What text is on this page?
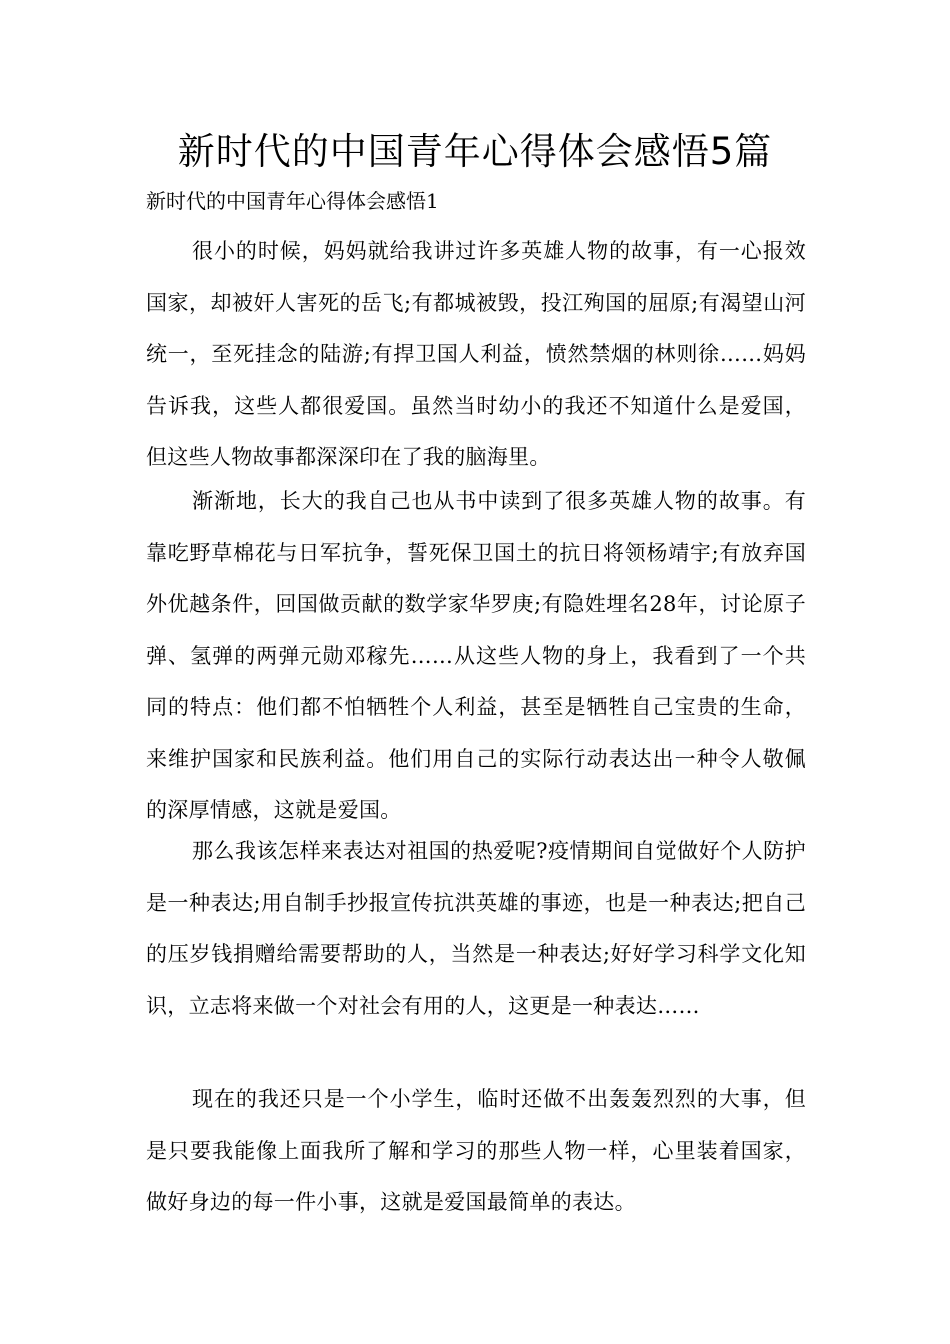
新时代的中国青年心得体会感悟5篇

新时代的中国青年心得体会感悟1

很小的时候，妈妈就给我讲过许多英雄人物的故事，有一心报效国家，却被奸人害死的岳飞;有都城被毁，投江殉国的屈原;有渴望山河统一，至死挂念的陆游;有捍卫国人利益，愤然禁烟的林则徐……妈妈告诉我，这些人都很爱国。虽然当时幼小的我还不知道什么是爱国，但这些人物故事都深深印在了我的脑海里。

渐渐地，长大的我自己也从书中读到了很多英雄人物的故事。有靠吃野草棉花与日军抗争，誓死保卫国土的抗日将领杨靖宇;有放弃国外优越条件，回国做贡献的数学家华罗庚;有隐姓埋名28年，讨论原子弹、氢弹的两弹元勋邓稼先……从这些人物的身上，我看到了一个共同的特点：他们都不怕牺牲个人利益，甚至是牺牲自己宝贵的生命，来维护国家和民族利益。他们用自己的实际行动表达出一种令人敬佩的深厚情感，这就是爱国。

那么我该怎样来表达对祖国的热爱呢?疫情期间自觉做好个人防护是一种表达;用自制手抄报宣传抗洪英雄的事迹，也是一种表达;把自己的压岁钱捐赠给需要帮助的人，当然是一种表达;好好学习科学文化知识，立志将来做一个对社会有用的人，这更是一种表达……

现在的我还只是一个小学生，临时还做不出轰轰烈烈的大事，但是只要我能像上面我所了解和学习的那些人物一样，心里装着国家，做好身边的每一件小事，这就是爱国最简单的表达。
